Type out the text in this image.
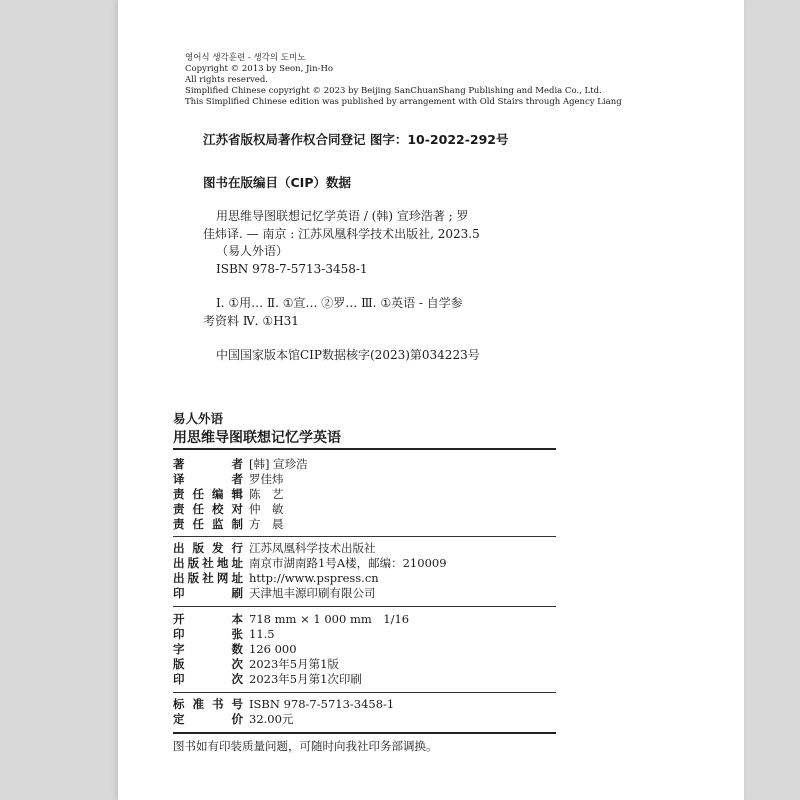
영어식 생각훈련 - 생각의 도미노
Copyright © 2013 by Seon, Jin-Ho
All rights reserved.
Simplified Chinese copyright © 2023 by Beijing SanChuanShang Publishing and Media Co., Ltd.
This Simplified Chinese edition was published by arrangement with Old Stairs through Agency Liang
江苏省版权局著作权合同登记 图字：10-2022-292号
图书在版编目（CIP）数据
用思维导图联想记忆学英语 / (韩) 宣珍浩著 ; 罗
佳炜译. — 南京 : 江苏凤凰科学技术出版社, 2023.5
（易人外语）
ISBN 978-7-5713-3458-1
Ⅰ. ①用… Ⅱ. ①宣… ②罗… Ⅲ. ①英语 - 自学参
考资料 Ⅳ. ①H31
中国国家版本馆CIP数据核字(2023)第034223号
易人外语
用思维导图联想记忆学英语
著者 [韩] 宣珍浩
译者 罗佳炜
责任编辑 陈　艺
责任校对 仲　敏
责任监制 方　晨
出版发行 江苏凤凰科学技术出版社
出版社地址 南京市湖南路1号A楼，邮编：210009
出版社网址 http://www.pspress.cn
印刷 天津旭丰源印刷有限公司
开本 718 mm × 1 000 mm　1/16
印张 11.5
字数 126 000
版次 2023年5月第1版
印次 2023年5月第1次印刷
标准书号 ISBN 978-7-5713-3458-1
定价 32.00元
图书如有印装质量问题，可随时向我社印务部调换。
